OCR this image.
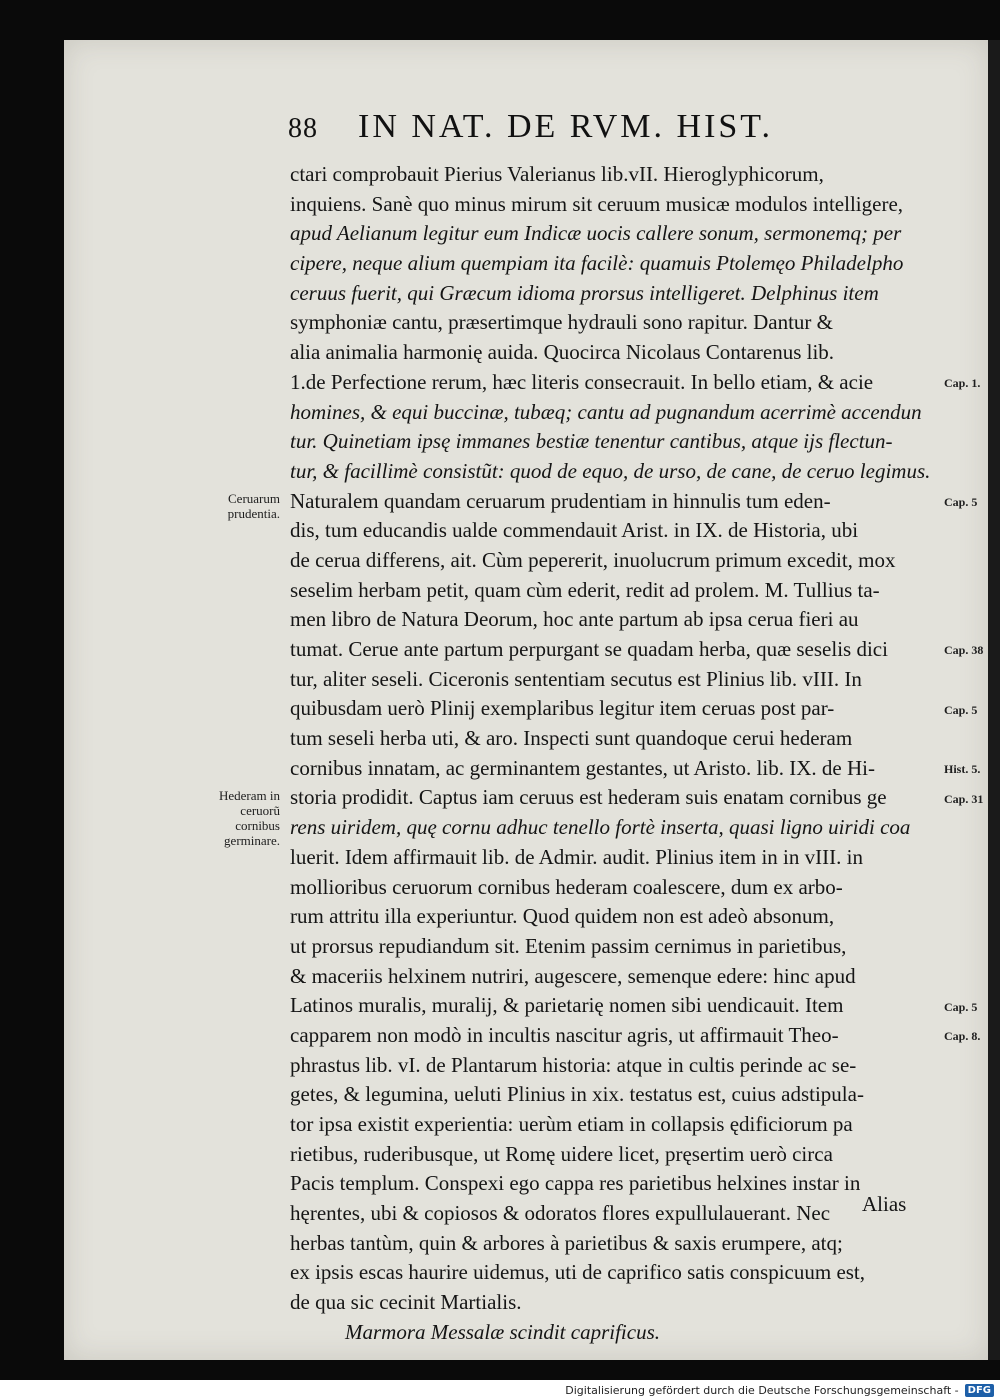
88 IN NAT. DE RVM. HIST.
ctari comprobauit Pierius Valerianus lib.vII. Hieroglyphicorum,
inquiens. Sanè quo minus mirum sit ceruum musicæ modulos intelligere,
apud Aelianum legitur eum Indicæ uocis callere sonum, sermonemq; per
cipere, neque alium quempiam ita facilè: quamuis Ptolemęo Philadelpho
ceruus fuerit, qui Græcum idioma prorsus intelligeret. Delphinus item
symphoniæ cantu, præsertimque hydrauli sono rapitur. Dantur &
alia animalia harmonię auida. Quocirca Nicolaus Contarenus lib.
1.de Perfectione rerum, hæc literis consecrauit. In bello etiam, & acie
homines, & equi buccinæ, tubæq; cantu ad pugnandum acerrimè accendun
tur. Quinetiam ipsę immanes bestiæ tenentur cantibus, atque ijs flectun-
tur, & facillimè consistũt: quod de equo, de urso, de cane, de ceruo legimus.
Naturalem quandam ceruarum prudentiam in hinnulis tum eden-
dis, tum educandis ualde commendauit Arist. in IX. de Historia, ubi
de cerua differens, ait. Cùm pepererit, inuolucrum primum excedit, mox
seselim herbam petit, quam cùm ederit, redit ad prolem. M. Tullius ta-
men libro de Natura Deorum, hoc ante partum ab ipsa cerua fieri au
tumat. Cerue ante partum perpurgant se quadam herba, quæ seselis dici
tur, aliter seseli. Ciceronis sententiam secutus est Plinius lib. vIII. In
quibusdam uerò Plinij exemplaribus legitur item ceruas post par-
tum seseli herba uti, & aro. Inspecti sunt quandoque cerui hederam
cornibus innatam, ac germinantem gestantes, ut Aristo. lib. IX. de Hi-
storia prodidit. Captus iam ceruus est hederam suis enatam cornibus ge
rens uiridem, quę cornu adhuc tenello fortè inserta, quasi ligno uiridi coa
luerit. Idem affirmauit lib. de Admir. audit. Plinius item in in vIII. in
mollioribus ceruorum cornibus hederam coalescere, dum ex arbo-
rum attritu illa experiuntur. Quod quidem non est adeò absonum,
ut prorsus repudiandum sit. Etenim passim cernimus in parietibus,
& maceriis helxinem nutriri, augescere, semenque edere: hinc apud
Latinos muralis, muralij, & parietarię nomen sibi uendicauit. Item
capparem non modò in incultis nascitur agris, ut affirmauit Theo-
phrastus lib. vI. de Plantarum historia: atque in cultis perinde ac se-
getes, & legumina, ueluti Plinius in xix. testatus est, cuius adstipula-
tor ipsa existit experientia: uerùm etiam in collapsis ędificiorum pa
rietibus, ruderibusque, ut Romę uidere licet, pręsertim uerò circa
Pacis templum. Conspexi ego cappa res parietibus helxines instar in
hęrentes, ubi & copiosos & odoratos flores expullulauerant. Nec
herbas tantùm, quin & arbores à parietibus & saxis erumpere, atq;
ex ipsis escas haurire uidemus, uti de caprifico satis conspicuum est,
de qua sic cecinit Martialis.
Marmora Messalæ scindit caprificus.
Ceruarum prudentia.
Hederam in ceruorũ cornibus germinare.
Cap. 1.
Cap. 5
Cap. 38
Cap. 5
Hist. 5.
Cap. 31
Cap. 5
Cap. 8.
Alias
Digitalisierung gefördert durch die Deutsche Forschungsgemeinschaft - DFG
